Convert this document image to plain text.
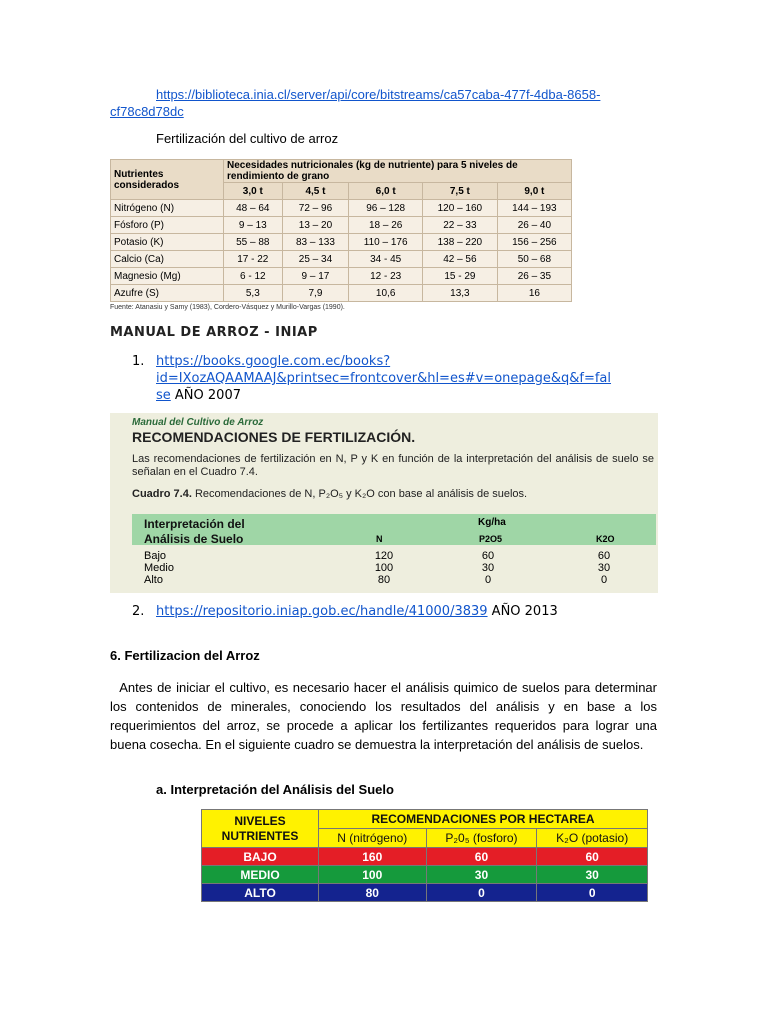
https://biblioteca.inia.cl/server/api/core/bitstreams/ca57caba-477f-4dba-8658-
cf78c8d78dc
Fertilización del cultivo de arroz
Nutrientes considerados	Necesidades nutricionales (kg de nutriente) para 5 niveles de rendimiento de grano				
	3,0 t	4,5 t	6,0 t	7,5 t	9,0 t
Nitrógeno (N)	48 – 64	72 – 96	96 – 128	120 – 160	144 – 193
Fósforo (P)	9 – 13	13 – 20	18 – 26	22 – 33	26 – 40
Potasio (K)	55 – 88	83 – 133	110 – 176	138 – 220	156 – 256
Calcio (Ca)	17 - 22	25 – 34	34 - 45	42 – 56	50 – 68
Magnesio (Mg)	6 - 12	9 – 17	12 - 23	15 - 29	26 – 35
Azufre (S)	5,3	7,9	10,6	13,3	16
Fuente: Atanasiu y Samy (1983), Cordero-Vásquez y Murillo-Vargas (1990).
MANUAL DE ARROZ - INIAP
1. https://books.google.com.ec/books?
id=IXozAQAAMAAJ&printsec=frontcover&hl=es#v=onepage&q&f=fal
se AÑO 2007
Manual del Cultivo de Arroz
RECOMENDACIONES DE FERTILIZACIÓN.
Las recomendaciones de fertilización en N, P y K en función de la interpretación del análisis de suelo se señalan en el Cuadro 7.4.
Cuadro 7.4. Recomendaciones de N, P₂O₅ y K₂O con base al análisis de suelos.
Interpretación del
Análisis de Suelo
Kg/ha
N	P2O5	K2O
Bajo	120	60	60
Medio	100	30	30
Alto	80	0	0
2. https://repositorio.iniap.gob.ec/handle/41000/3839 AÑO 2013
6. Fertilizacion del Arroz
Antes de iniciar el cultivo, es necesario hacer el análisis quimico de suelos para determinar los contenidos de minerales, conociendo los resultados del análisis y en base a los requerimientos del arroz, se procede a aplicar los fertilizantes requeridos para lograr una buena cosecha. En el siguiente cuadro se demuestra la interpretación del análisis de suelos.
a. Interpretación del Análisis del Suelo
NIVELES
NUTRIENTES	RECOMENDACIONES POR HECTAREA		
	N (nitrógeno)	P₂0₅ (fosforo)	K₂O (potasio)
BAJO	160	60	60
MEDIO	100	30	30
ALTO	80	0	0
